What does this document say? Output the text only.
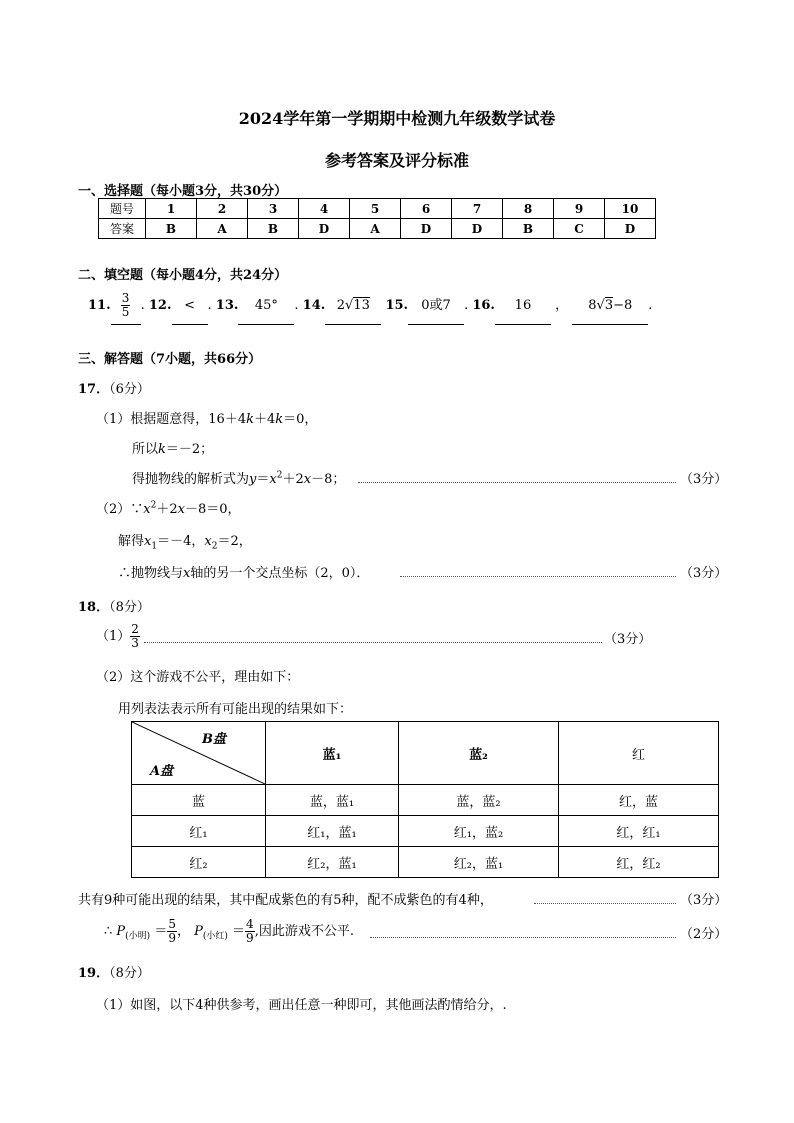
2024学年第一学期期中检测九年级数学试卷
参考答案及评分标准
一、选择题（每小题3分，共30分）
题号	1	2	3	4	5	6	7	8	9	10
答案	B	A	B	D	A	D	D	B	C	D
二、填空题（每小题4分，共24分）
11. $\frac{3}{5}$ . 12. < . 13. 45° . 14. 2√13 15. 0或7 . 16. 16 ， 8√3−8 .
三、解答题（7小题，共66分）
17．（6分）
（1）根据题意得，16＋4k＋4k＝0，
所以k＝－2；
得抛物线的解析式为$y=x^2+2x-8$；	（3分）
$(2)\because x^2+2x-8=0$，
解得$x_1=-4$，$x_2=2$，
∴抛物线与x轴的另一个交点坐标（2，0）．	（3分）
18．（8分）
$(1) \frac{2}{3}$	（3分）
（2）这个游戏不公平，理由如下：
用列表法表示所有可能出现的结果如下：
B盘
A盘	蓝₁	蓝₂	红
蓝	蓝，蓝₁	蓝，蓝₂	红，蓝
红₁	红₁，蓝₁	红₁，蓝₂	红，红₁
红₂	红₂，蓝₁	红₂，蓝₁	红，红₂
共有9种可能出现的结果，其中配成紫色的有5种，配不成紫色的有4种，	（3分）
∴ $P_{(小明)} = \frac{5}{9}$ ， $P_{(小红)} = \frac{4}{9}$ ,因此游戏不公平.	（2分）
19．（8分）
（1）如图，以下4种供参考，画出任意一种即可，其他画法酌情给分，.
